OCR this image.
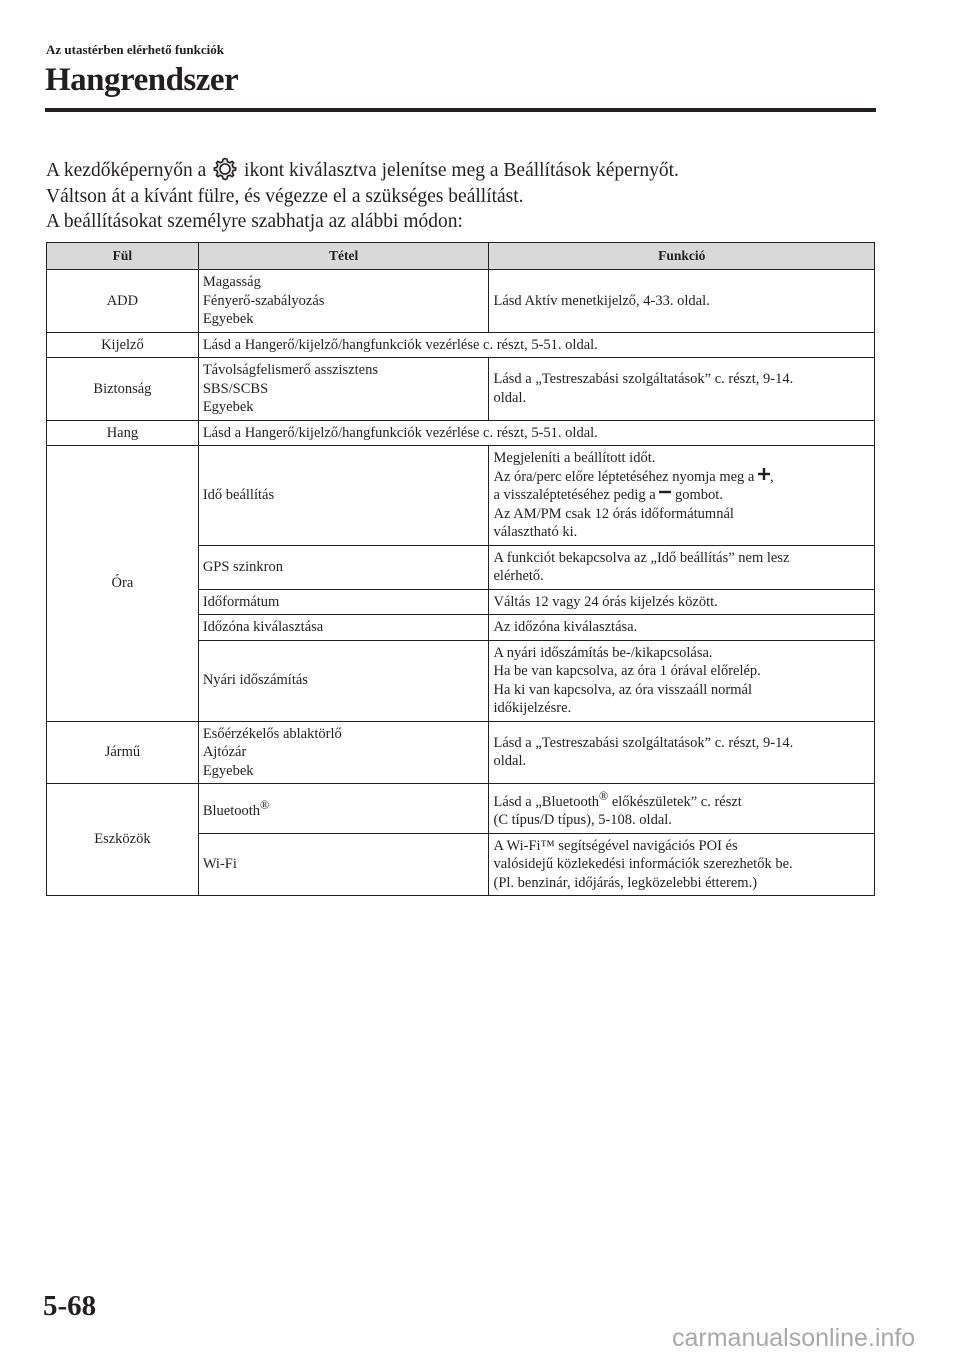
Az utastérben elérhető funkciók
Hangrendszer

A kezdőképernyőn a ikont kiválasztva jelenítse meg a Beállítások képernyőt.

Váltson át a kívánt fülre, és végezze el a szükséges beállítást.

A beállításokat személyre szabhatja az alábbi módon:

Fül	Tétel	Funkció
ADD	Magasság
Fényerő-szabályozás
Egyebek	Lásd Aktív menetkijelző, 4-33. oldal.
Kijelző	Lásd a Hangerő/kijelző/hangfunkciók vezérlése c. részt, 5-51. oldal.	
Biztonság	Távolságfelismerő asszisztens
SBS/SCBS
Egyebek	Lásd a „Testreszabási szolgáltatások” c. részt, 9-14.
oldal.

Hang	Lásd a Hangerő/kijelző/hangfunkciók vezérlése c. részt, 5-51. oldal.	
Óra	Idő beállítás	Megjeleníti a beállított időt.
Az óra/perc előre léptetéséhez nyomja meg a ,
a visszaléptetéséhez pedig a gombot.
Az AM/PM csak 12 órás időformátumnál
választható ki.

	GPS szinkron	A funkciót bekapcsolva az „Idő beállítás” nem lesz
elérhető.

	Időformátum	Váltás 12 vagy 24 órás kijelzés között.
	Időzóna kiválasztása	Az időzóna kiválasztása.
	Nyári időszámítás	A nyári időszámítás be-/kikapcsolása.
Ha be van kapcsolva, az óra 1 órával előrelép.
Ha ki van kapcsolva, az óra visszaáll normál
időkijelzésre.

Jármű	Esőérzékelős ablaktörlő
Ajtózár
Egyebek	Lásd a „Testreszabási szolgáltatások” c. részt, 9-14.
oldal.

Eszközök	Bluetooth®	Lásd a „Bluetooth® előkészületek” c. részt
(C típus/D típus), 5-108. oldal.

	Wi-Fi	A Wi-Fi™ segítségével navigációs POI és
valósidejű közlekedési információk szerezhetők be.
(Pl. benzinár, időjárás, legközelebbi étterem.)
5-68
carmanualsonline.info
